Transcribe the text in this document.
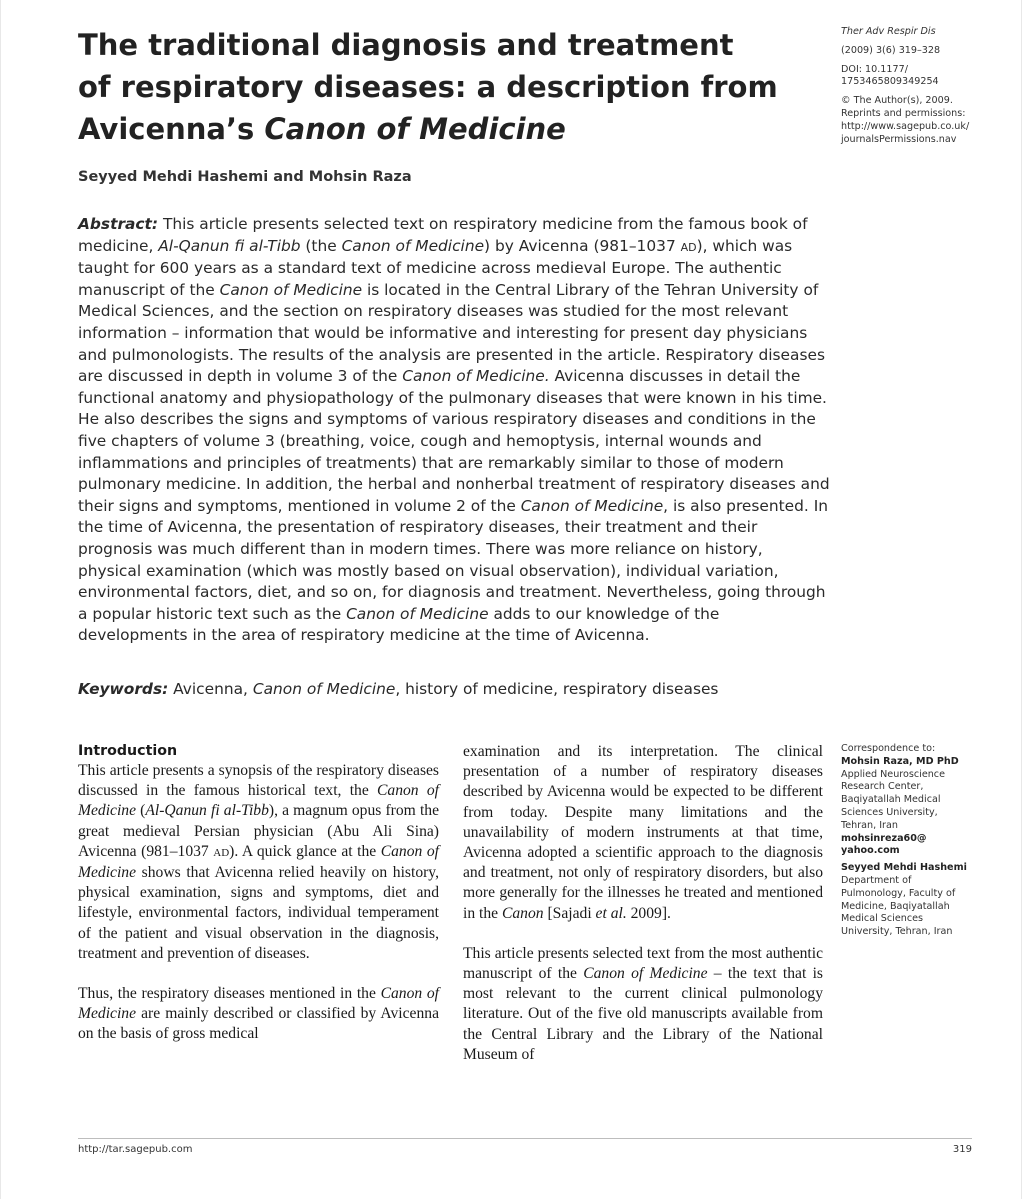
The traditional diagnosis and treatment
of respiratory diseases: a description from
Avicenna’s Canon of Medicine
Ther Adv Respir Dis
(2009) 3(6) 319–328
DOI: 10.1177/
1753465809349254
© The Author(s), 2009.
Reprints and permissions:
http://www.sagepub.co.uk/
journalsPermissions.nav
Seyyed Mehdi Hashemi and Mohsin Raza
Abstract: This article presents selected text on respiratory medicine from the famous book of medicine, Al-Qanun fi al-Tibb (the Canon of Medicine) by Avicenna (981–1037 AD), which was taught for 600 years as a standard text of medicine across medieval Europe. The authentic manuscript of the Canon of Medicine is located in the Central Library of the Tehran University of Medical Sciences, and the section on respiratory diseases was studied for the most relevant information – information that would be informative and interesting for present day physicians and pulmonologists. The results of the analysis are presented in the article. Respiratory diseases are discussed in depth in volume 3 of the Canon of Medicine. Avicenna discusses in detail the functional anatomy and physiopathology of the pulmonary diseases that were known in his time. He also describes the signs and symptoms of various respiratory diseases and conditions in the five chapters of volume 3 (breathing, voice, cough and hemoptysis, internal wounds and inflammations and principles of treatments) that are remarkably similar to those of modern pulmonary medicine. In addition, the herbal and nonherbal treatment of respiratory diseases and their signs and symptoms, mentioned in volume 2 of the Canon of Medicine, is also presented. In the time of Avicenna, the presentation of respiratory diseases, their treatment and their prognosis was much different than in modern times. There was more reliance on history, physical examination (which was mostly based on visual observation), individual variation, environmental factors, diet, and so on, for diagnosis and treatment. Nevertheless, going through a popular historic text such as the Canon of Medicine adds to our knowledge of the developments in the area of respiratory medicine at the time of Avicenna.
Keywords: Avicenna, Canon of Medicine, history of medicine, respiratory diseases
Introduction

This article presents a synopsis of the respiratory diseases discussed in the famous historical text, the Canon of Medicine (Al-Qanun fi al-Tibb), a magnum opus from the great medieval Persian physician (Abu Ali Sina) Avicenna (981–1037 AD). A quick glance at the Canon of Medicine shows that Avicenna relied heavily on history, physical examination, signs and symptoms, diet and lifestyle, environmental factors, individual temperament of the patient and visual observation in the diagnosis, treatment and prevention of diseases.

Thus, the respiratory diseases mentioned in the Canon of Medicine are mainly described or classified by Avicenna on the basis of gross medical

examination and its interpretation. The clinical presentation of a number of respiratory diseases described by Avicenna would be expected to be different from today. Despite many limitations and the unavailability of modern instruments at that time, Avicenna adopted a scientific approach to the diagnosis and treatment, not only of respiratory disorders, but also more generally for the illnesses he treated and mentioned in the Canon [Sajadi et al. 2009].

This article presents selected text from the most authentic manuscript of the Canon of Medicine – the text that is most relevant to the current clinical pulmonology literature. Out of the five old manuscripts available from the Central Library and the Library of the National Museum of

Correspondence to:
Mohsin Raza, MD PhD
Applied Neuroscience
Research Center,
Baqiyatallah Medical
Sciences University,
Tehran, Iran
mohsinreza60@
yahoo.com
Seyyed Mehdi Hashemi
Department of
Pulmonology, Faculty of
Medicine, Baqiyatallah
Medical Sciences
University, Tehran, Iran
http://tar.sagepub.com	319
